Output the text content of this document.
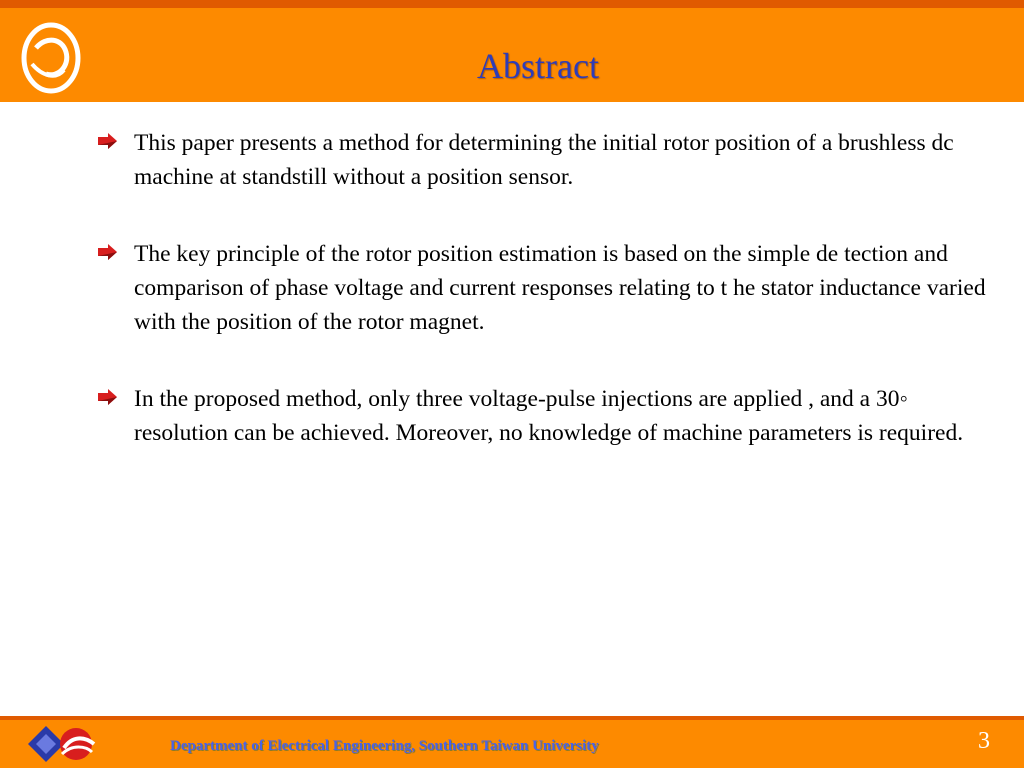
Abstract
This paper presents a method for determining the initial rotor position of a brushless dc machine at standstill without a position sensor.
The key principle of the rotor position estimation is based on the simple de tection and comparison of phase voltage and current responses relating to t he stator inductance varied with the position of the rotor magnet.
In the proposed method, only three voltage-pulse injections are applied , and a 30◦ resolution can be achieved. Moreover, no knowledge of machine parameters is required.
Department of Electrical Engineering, Southern Taiwan University	3
